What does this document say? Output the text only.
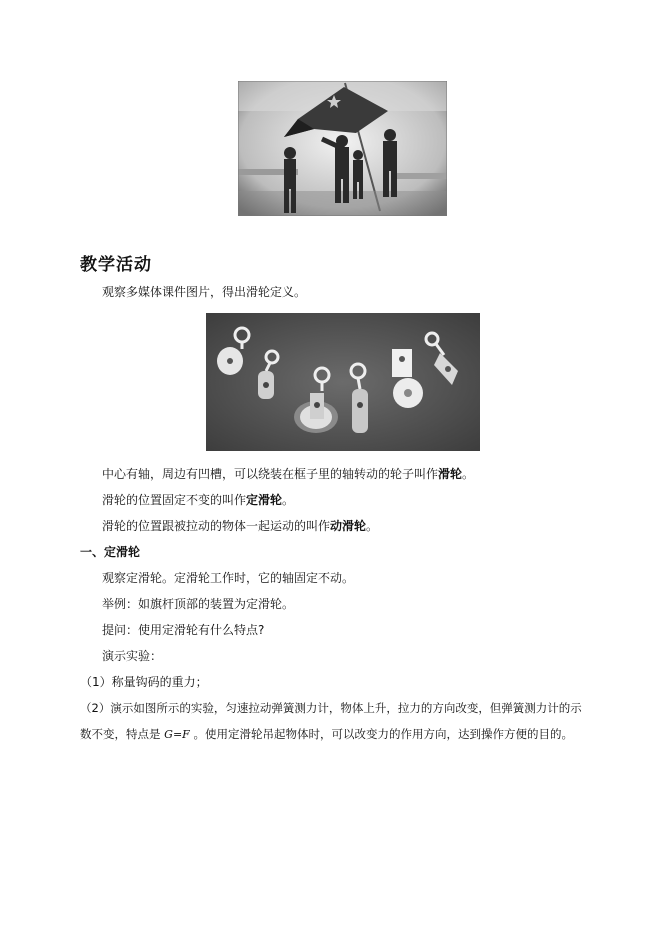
教学活动
观察多媒体课件图片，得出滑轮定义。
中心有轴，周边有凹槽，可以绕装在框子里的轴转动的轮子叫作滑轮。
滑轮的位置固定不变的叫作定滑轮。
滑轮的位置跟被拉动的物体一起运动的叫作动滑轮。
一、定滑轮
观察定滑轮。定滑轮工作时，它的轴固定不动。
举例：如旗杆顶部的装置为定滑轮。
提问：使用定滑轮有什么特点?
演示实验：
（1）称量钩码的重力；
（2）演示如图所示的实验，匀速拉动弹簧测力计，物体上升，拉力的方向改变，但弹簧测力计的示
数不变，特点是 G=F 。使用定滑轮吊起物体时，可以改变力的作用方向，达到操作方便的目的。
